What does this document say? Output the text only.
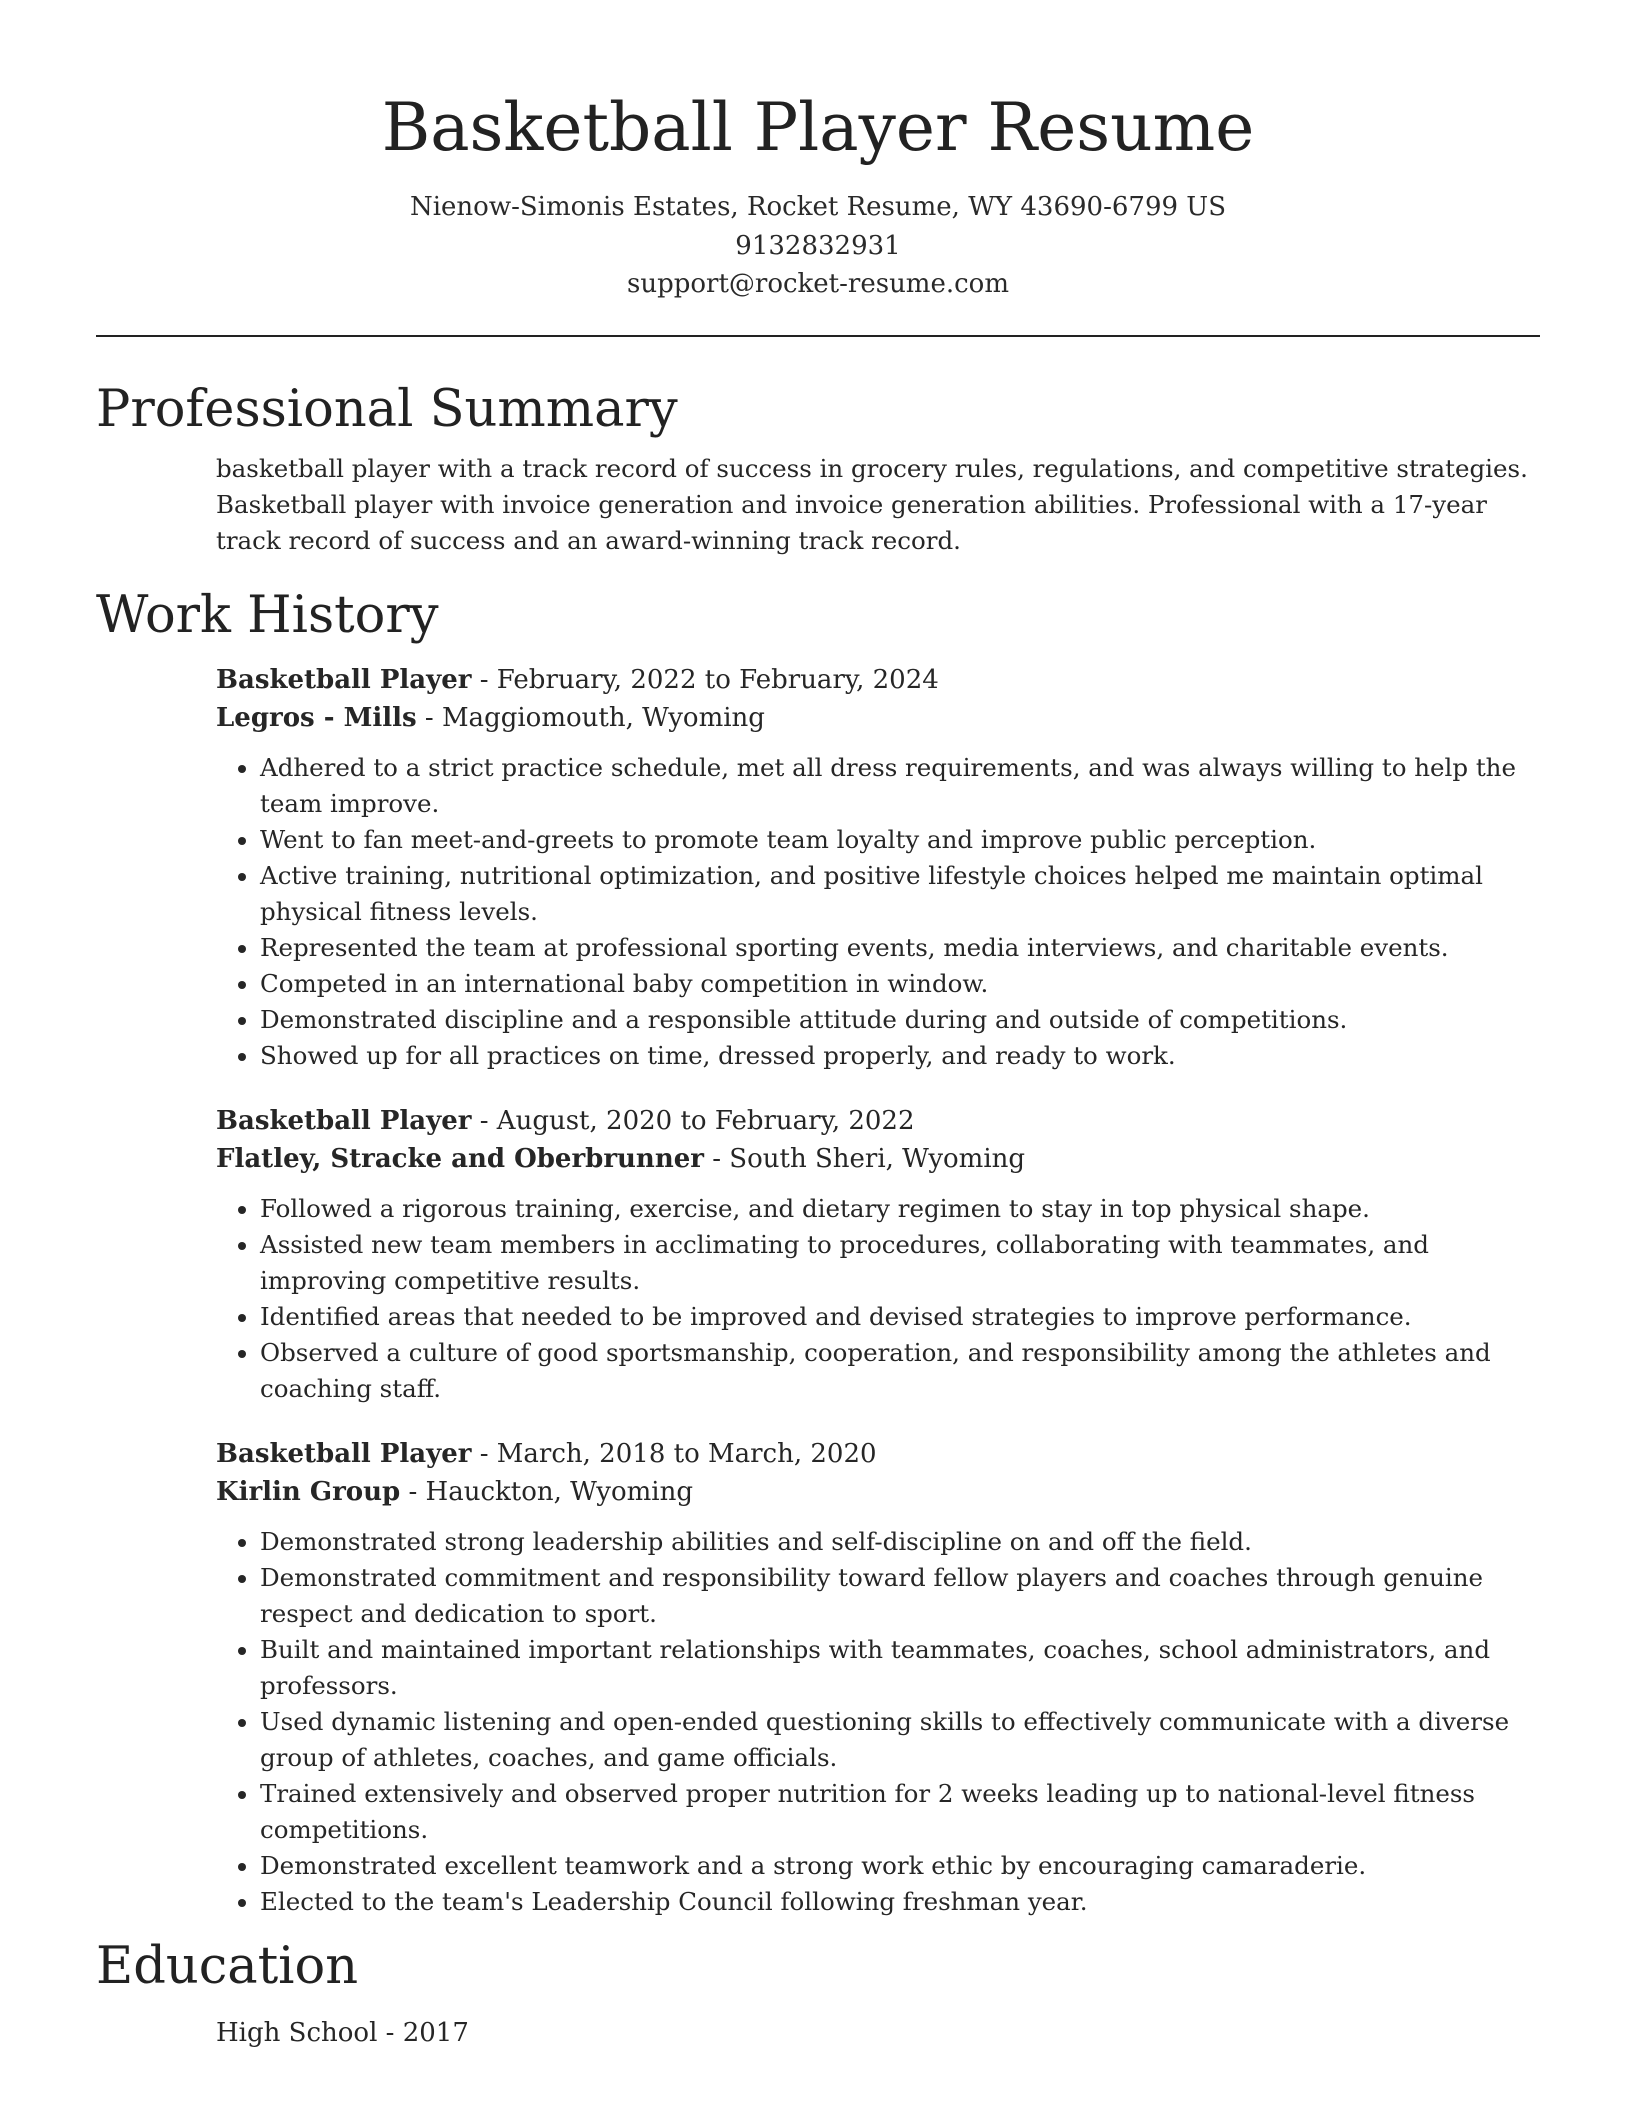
Basketball Player Resume
Nienow-Simonis Estates, Rocket Resume, WY 43690-6799 US
9132832931
support@rocket-resume.com
Professional Summary
basketball player with a track record of success in grocery rules, regulations, and competitive strategies. Basketball player with invoice generation and invoice generation abilities. Professional with a 17-year track record of success and an award-winning track record.
Work History
Basketball Player - February, 2022 to February, 2024
Legros - Mills - Maggiomouth, Wyoming
• Adhered to a strict practice schedule, met all dress requirements, and was always willing to help the team improve.
• Went to fan meet-and-greets to promote team loyalty and improve public perception.
• Active training, nutritional optimization, and positive lifestyle choices helped me maintain optimal physical fitness levels.
• Represented the team at professional sporting events, media interviews, and charitable events.
• Competed in an international baby competition in window.
• Demonstrated discipline and a responsible attitude during and outside of competitions.
• Showed up for all practices on time, dressed properly, and ready to work.
Basketball Player - August, 2020 to February, 2022
Flatley, Stracke and Oberbrunner - South Sheri, Wyoming
• Followed a rigorous training, exercise, and dietary regimen to stay in top physical shape.
• Assisted new team members in acclimating to procedures, collaborating with teammates, and improving competitive results.
• Identified areas that needed to be improved and devised strategies to improve performance.
• Observed a culture of good sportsmanship, cooperation, and responsibility among the athletes and coaching staff.
Basketball Player - March, 2018 to March, 2020
Kirlin Group - Hauckton, Wyoming
• Demonstrated strong leadership abilities and self-discipline on and off the field.
• Demonstrated commitment and responsibility toward fellow players and coaches through genuine respect and dedication to sport.
• Built and maintained important relationships with teammates, coaches, school administrators, and professors.
• Used dynamic listening and open-ended questioning skills to effectively communicate with a diverse group of athletes, coaches, and game officials.
• Trained extensively and observed proper nutrition for 2 weeks leading up to national-level fitness competitions.
• Demonstrated excellent teamwork and a strong work ethic by encouraging camaraderie.
• Elected to the team's Leadership Council following freshman year.
Education
High School - 2017
